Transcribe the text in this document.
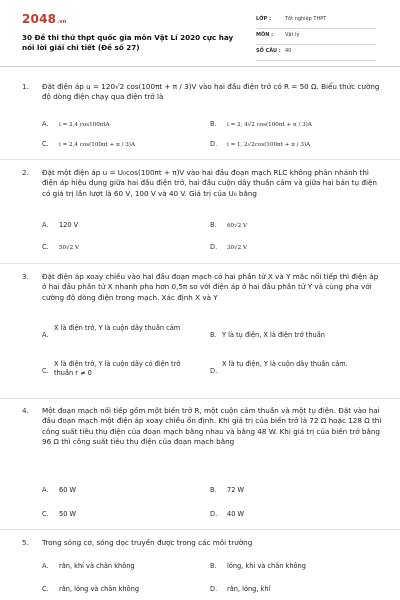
2048.vn
30 Đề thi thử thpt quốc gia môn Vật Lí 2020 cực hay nói lời giải chi tiết (Đề số 27)
LỚP :	Tốt nghiệp THPT
MÔN : Vật lý
SỐ CÂU : 40
1. Đặt điện áp u = 120√2 cos(100πt + π / 3)V vào hai đầu điện trở có R = 50 Ω. Biểu thức cường độ dòng điện chạy qua điện trở là
A. i = 2,4 cos100πtA	B. i = 2, 4√2 cos(100πt + π / 3)A
C. i = 2,4 cos(100πt + π / 3)A	D. i = 1, 2√2cos(100πt + π / 3)A
2. Đặt một điện áp u = U₀cos(100πt + π)V vào hai đầu đoạn mạch RLC không phân nhánh thì điện áp hiệu dụng giữa hai đầu điện trở, hai đầu cuộn dây thuần cảm và giữa hai bản tụ điện có giá trị lần lượt là 60 V, 100 V và 40 V. Giá trị của U₀ bằng
A. 120 V	B. 60√2 V
C. 50√2 V	D. 30√2 V
3. Đặt điện áp xoay chiều vào hai đầu đoạn mạch có hai phần tử X và Y mắc nối tiếp thì điện áp ở hai đầu phần tử X nhanh pha hơn 0,5π so với điện áp ở hai đầu phần tử Y và cùng pha với cường độ dòng điện trong mạch. Xác định X và Y
A.
X là điện trở, Y là cuộn dây thuần cảm
B. Y là tụ điện, X là điện trở thuần
C.
X là điện trở, Y là cuộn dây có điện trở thuần r ≠ 0	D.
X là tụ điện, Y là cuộn dây thuần cảm.
4. Một đoạn mạch nối tiếp gồm một biến trở R, một cuộn cảm thuần và một tụ điện. Đặt vào hai đầu đoạn mạch một điện áp xoay chiều ổn định. Khi giá trị của biến trở là 72 Ω hoặc 128 Ω thì công suất tiêu thụ điện của đoạn mạch bằng nhau và bằng 48 W. Khi giá trị của biến trở bằng 96 Ω thì công suất tiêu thụ điện của đoạn mạch bằng
A. 60 W	B. 72 W
C. 50 W	D. 40 W
5. Trong sóng cơ, sóng dọc truyền được trong các môi trường
A. rắn, khí và chân không	B. lỏng, khí và chân không
C. rắn, lỏng và chân không	D. rắn, lỏng, khí
